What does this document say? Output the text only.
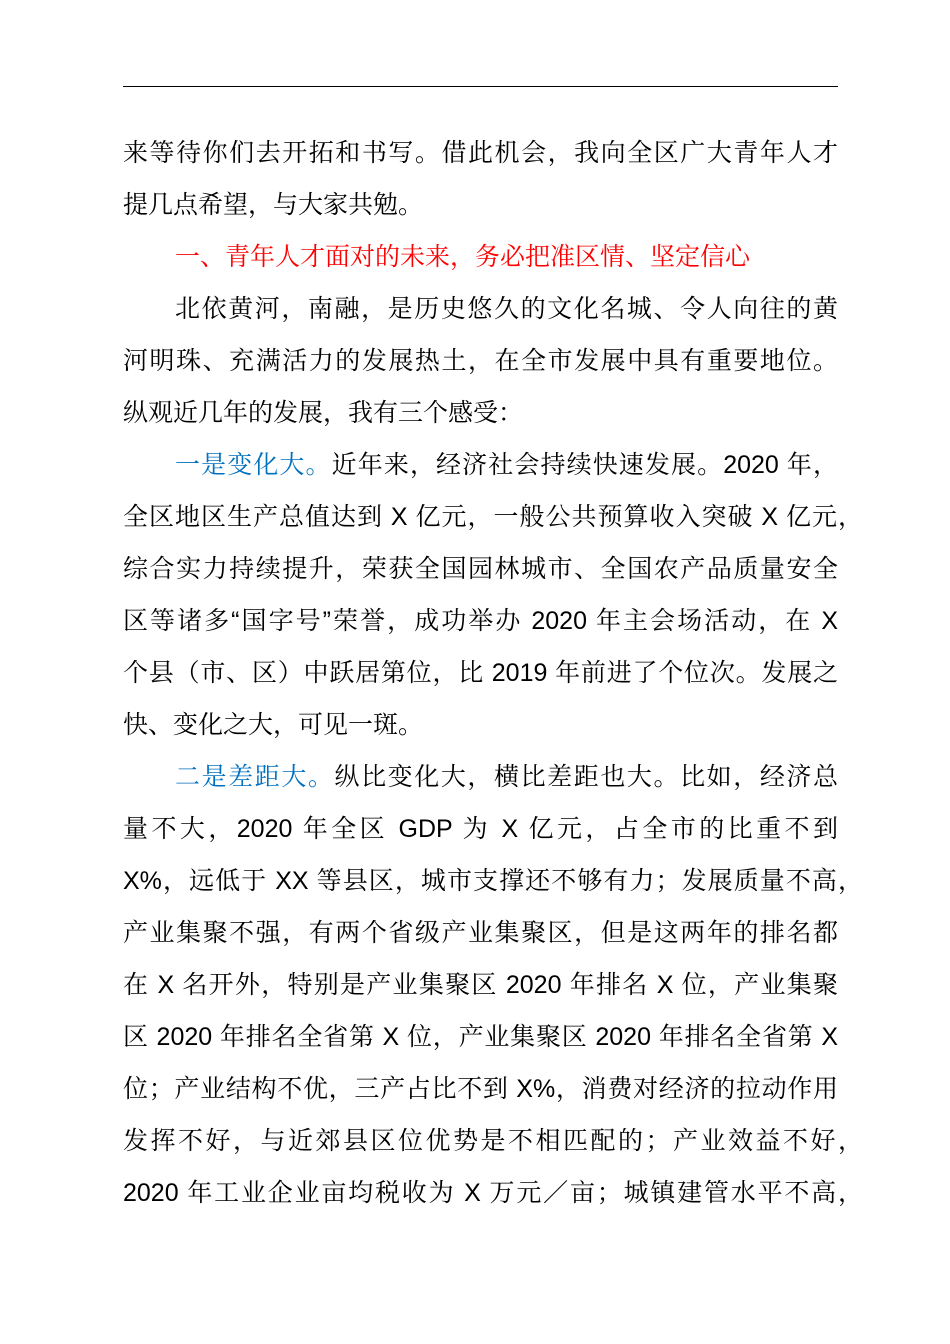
来等待你们去开拓和书写。借此机会，我向全区广大青年人才
提几点希望，与大家共勉。
一、青年人才面对的未来，务必把准区情、坚定信心
北依黄河，南融，是历史悠久的文化名城、令人向往的黄
河明珠、充满活力的发展热土，在全市发展中具有重要地位。
纵观近几年的发展，我有三个感受：
一是变化大。近年来，经济社会持续快速发展。2020 年，
全区地区生产总值达到 X 亿元，一般公共预算收入突破 X 亿元，
综合实力持续提升，荣获全国园林城市、全国农产品质量安全
区等诸多“国字号”荣誉，成功举办 2020 年主会场活动，在 X
个县（市、区）中跃居第位，比 2019 年前进了个位次。发展之
快、变化之大，可见一斑。
二是差距大。纵比变化大，横比差距也大。比如，经济总
量不大，2020 年全区 GDP 为 X 亿元，占全市的比重不到
X%，远低于 XX 等县区，城市支撑还不够有力；发展质量不高，
产业集聚不强，有两个省级产业集聚区，但是这两年的排名都
在 X 名开外，特别是产业集聚区 2020 年排名 X 位，产业集聚
区 2020 年排名全省第 X 位，产业集聚区 2020 年排名全省第 X
位；产业结构不优，三产占比不到 X%，消费对经济的拉动作用
发挥不好，与近郊县区位优势是不相匹配的；产业效益不好，
2020 年工业企业亩均税收为 X 万元／亩；城镇建管水平不高，
